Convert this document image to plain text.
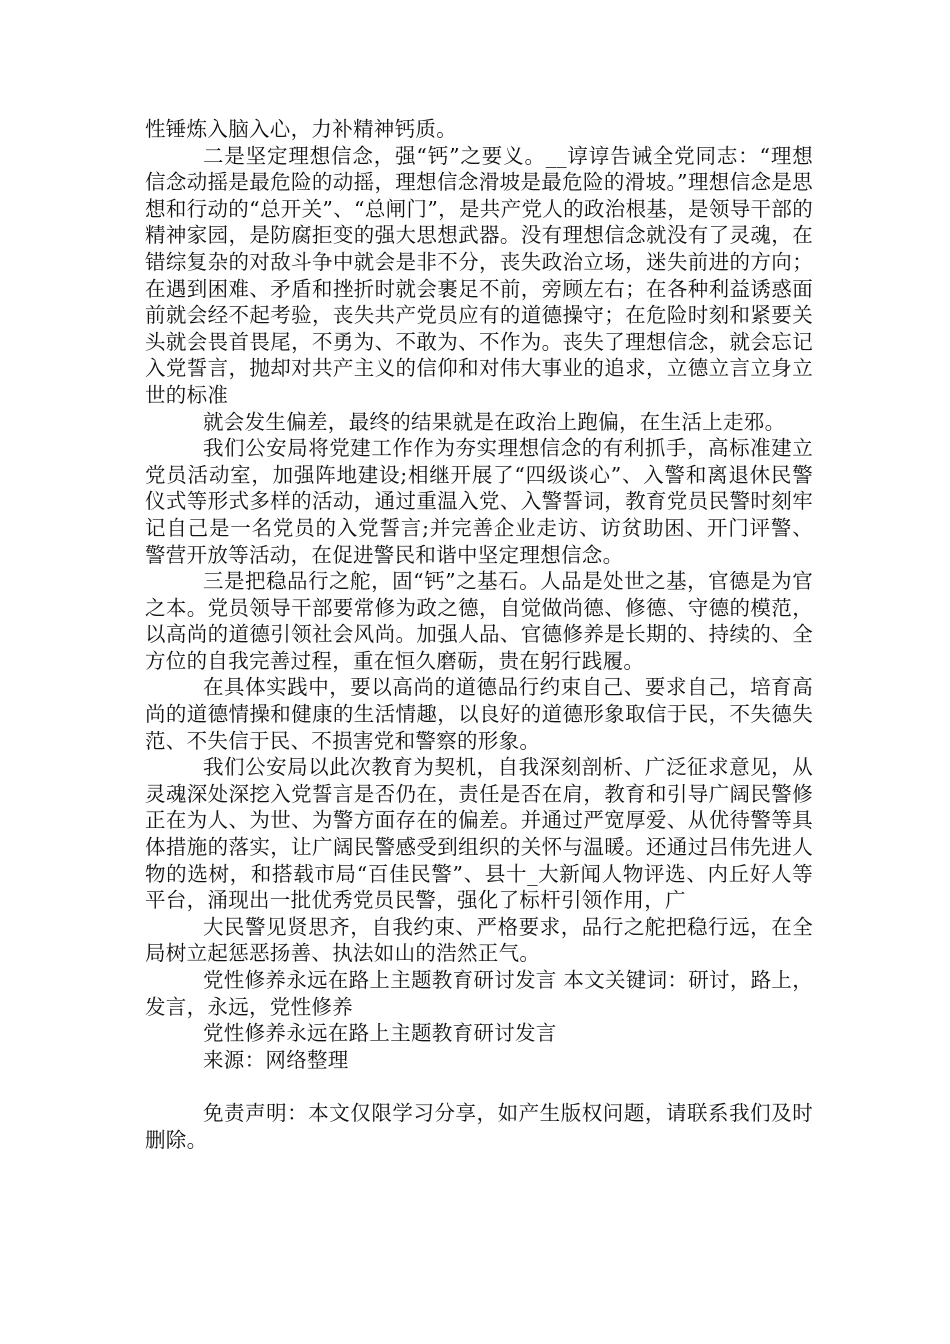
性锤炼入脑入心，力补精神钙质。

二是坚定理想信念，强“钙”之要义。__谆谆告诫全党同志：“理想信念动摇是最危险的动摇，理想信念滑坡是最危险的滑坡。”理想信念是思想和行动的“总开关”、“总闸门”，是共产党人的政治根基，是领导干部的精神家园，是防腐拒变的强大思想武器。没有理想信念就没有了灵魂，在错综复杂的对敌斗争中就会是非不分，丧失政治立场，迷失前进的方向；在遇到困难、矛盾和挫折时就会裹足不前，旁顾左右；在各种利益诱惑面前就会经不起考验，丧失共产党员应有的道德操守；在危险时刻和紧要关头就会畏首畏尾，不勇为、不敢为、不作为。丧失了理想信念，就会忘记入党誓言，抛却对共产主义的信仰和对伟大事业的追求，立德立言立身立世的标准

就会发生偏差，最终的结果就是在政治上跑偏，在生活上走邪。

我们公安局将党建工作作为夯实理想信念的有利抓手，高标准建立党员活动室，加强阵地建设;相继开展了“四级谈心”、入警和离退休民警仪式等形式多样的活动，通过重温入党、入警誓词，教育党员民警时刻牢记自己是一名党员的入党誓言;并完善企业走访、访贫助困、开门评警、警营开放等活动，在促进警民和谐中坚定理想信念。

三是把稳品行之舵，固“钙”之基石。人品是处世之基，官德是为官之本。党员领导干部要常修为政之德，自觉做尚德、修德、守德的模范，以高尚的道德引领社会风尚。加强人品、官德修养是长期的、持续的、全方位的自我完善过程，重在恒久磨砺，贵在躬行践履。

在具体实践中，要以高尚的道德品行约束自己、要求自己，培育高尚的道德情操和健康的生活情趣，以良好的道德形象取信于民，不失德失范、不失信于民、不损害党和警察的形象。

我们公安局以此次教育为契机，自我深刻剖析、广泛征求意见，从灵魂深处深挖入党誓言是否仍在，责任是否在肩，教育和引导广阔民警修正在为人、为世、为警方面存在的偏差。并通过严宽厚爱、从优待警等具体措施的落实，让广阔民警感受到组织的关怀与温暖。还通过吕伟先进人物的选树，和搭载市局“百佳民警”、县十_大新闻人物评选、内丘好人等平台，涌现出一批优秀党员民警，强化了标杆引领作用，广

大民警见贤思齐，自我约束、严格要求，品行之舵把稳行远，在全局树立起惩恶扬善、执法如山的浩然正气。

党性修养永远在路上主题教育研讨发言 本文关键词：研讨，路上，发言，永远，党性修养

党性修养永远在路上主题教育研讨发言

来源：网络整理

免责声明：本文仅限学习分享，如产生版权问题，请联系我们及时删除。
